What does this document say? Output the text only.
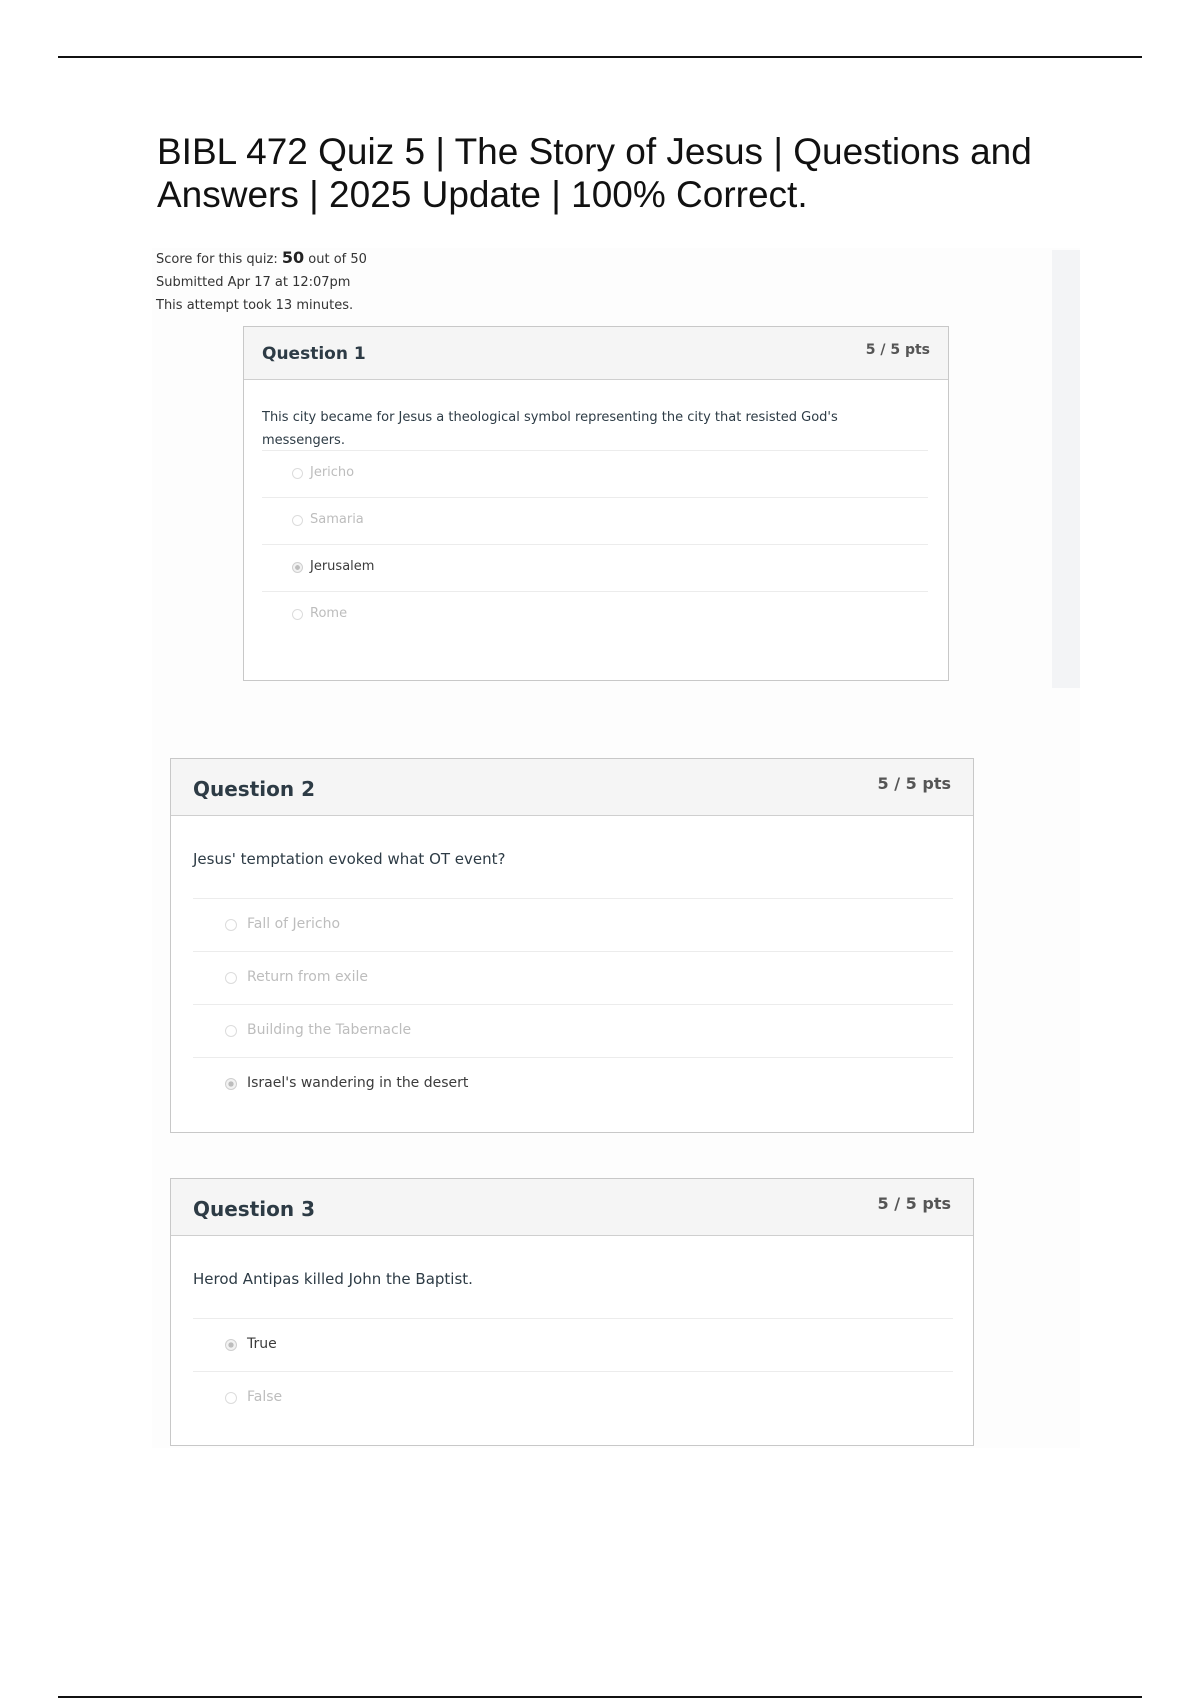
BIBL 472 Quiz 5 | The Story of Jesus | Questions and Answers | 2025 Update | 100% Correct.
Score for this quiz: 50 out of 50
Submitted Apr 17 at 12:07pm
This attempt took 13 minutes.
Question 1	5 / 5 pts
This city became for Jesus a theological symbol representing the city that resisted God's messengers.
Jericho
Samaria
Jerusalem
Rome
Question 2	5 / 5 pts
Jesus' temptation evoked what OT event?
Fall of Jericho
Return from exile
Building the Tabernacle
Israel's wandering in the desert
Question 3	5 / 5 pts
Herod Antipas killed John the Baptist.
True
False
